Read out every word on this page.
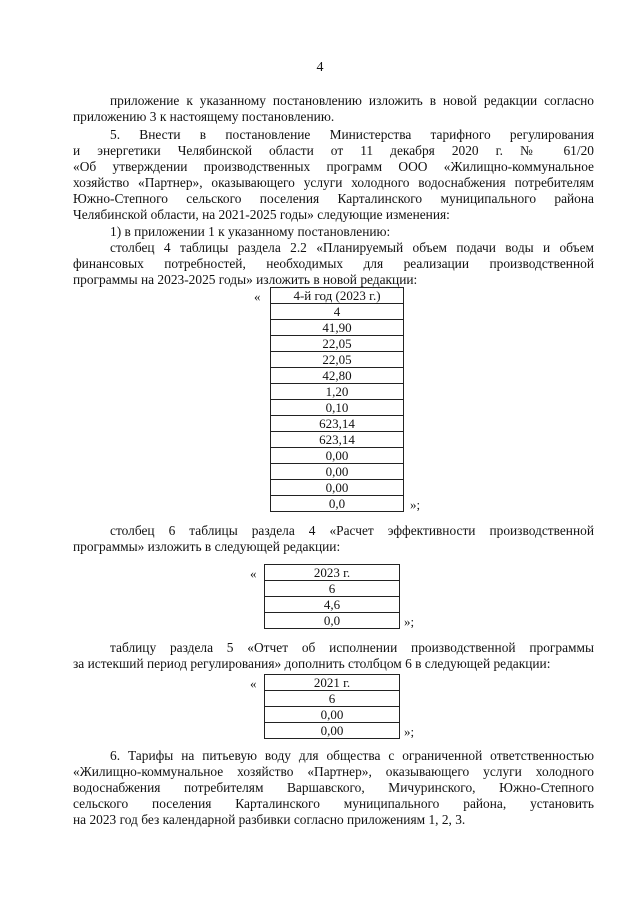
4
приложение к указанному постановлению изложить в новой редакции согласно
приложению 3 к настоящему постановлению.
5. Внести в постановление Министерства тарифного регулирования
и энергетики Челябинской области от 11 декабря 2020 г. № 61/20
«Об утверждении производственных программ ООО «Жилищно-коммунальное
хозяйство «Партнер», оказывающего услуги холодного водоснабжения потребителям
Южно-Степного сельского поселения Карталинского муниципального района
Челябинской области, на 2021-2025 годы» следующие изменения:
1) в приложении 1 к указанному постановлению:
столбец 4 таблицы раздела 2.2 «Планируемый объем подачи воды и объем
финансовых потребностей, необходимых для реализации производственной
программы на 2023-2025 годы» изложить в новой редакции:
«	4-й год (2023 г.)
4
41,90
22,05
22,05
42,80
1,20
0,10
623,14
623,14
0,00
0,00
0,00
0,0	»;
столбец 6 таблицы раздела 4 «Расчет эффективности производственной
программы» изложить в следующей редакции:
«	2023 г.
6
4,6
0,0	»;
таблицу раздела 5 «Отчет об исполнении производственной программы
за истекший период регулирования» дополнить столбцом 6 в следующей редакции:
«	2021 г.
6
0,00
0,00	»;
6. Тарифы на питьевую воду для общества с ограниченной ответственностью
«Жилищно-коммунальное хозяйство «Партнер», оказывающего услуги холодного
водоснабжения потребителям Варшавского, Мичуринского, Южно-Степного
сельского поселения Карталинского муниципального района, установить
на 2023 год без календарной разбивки согласно приложениям 1, 2, 3.
